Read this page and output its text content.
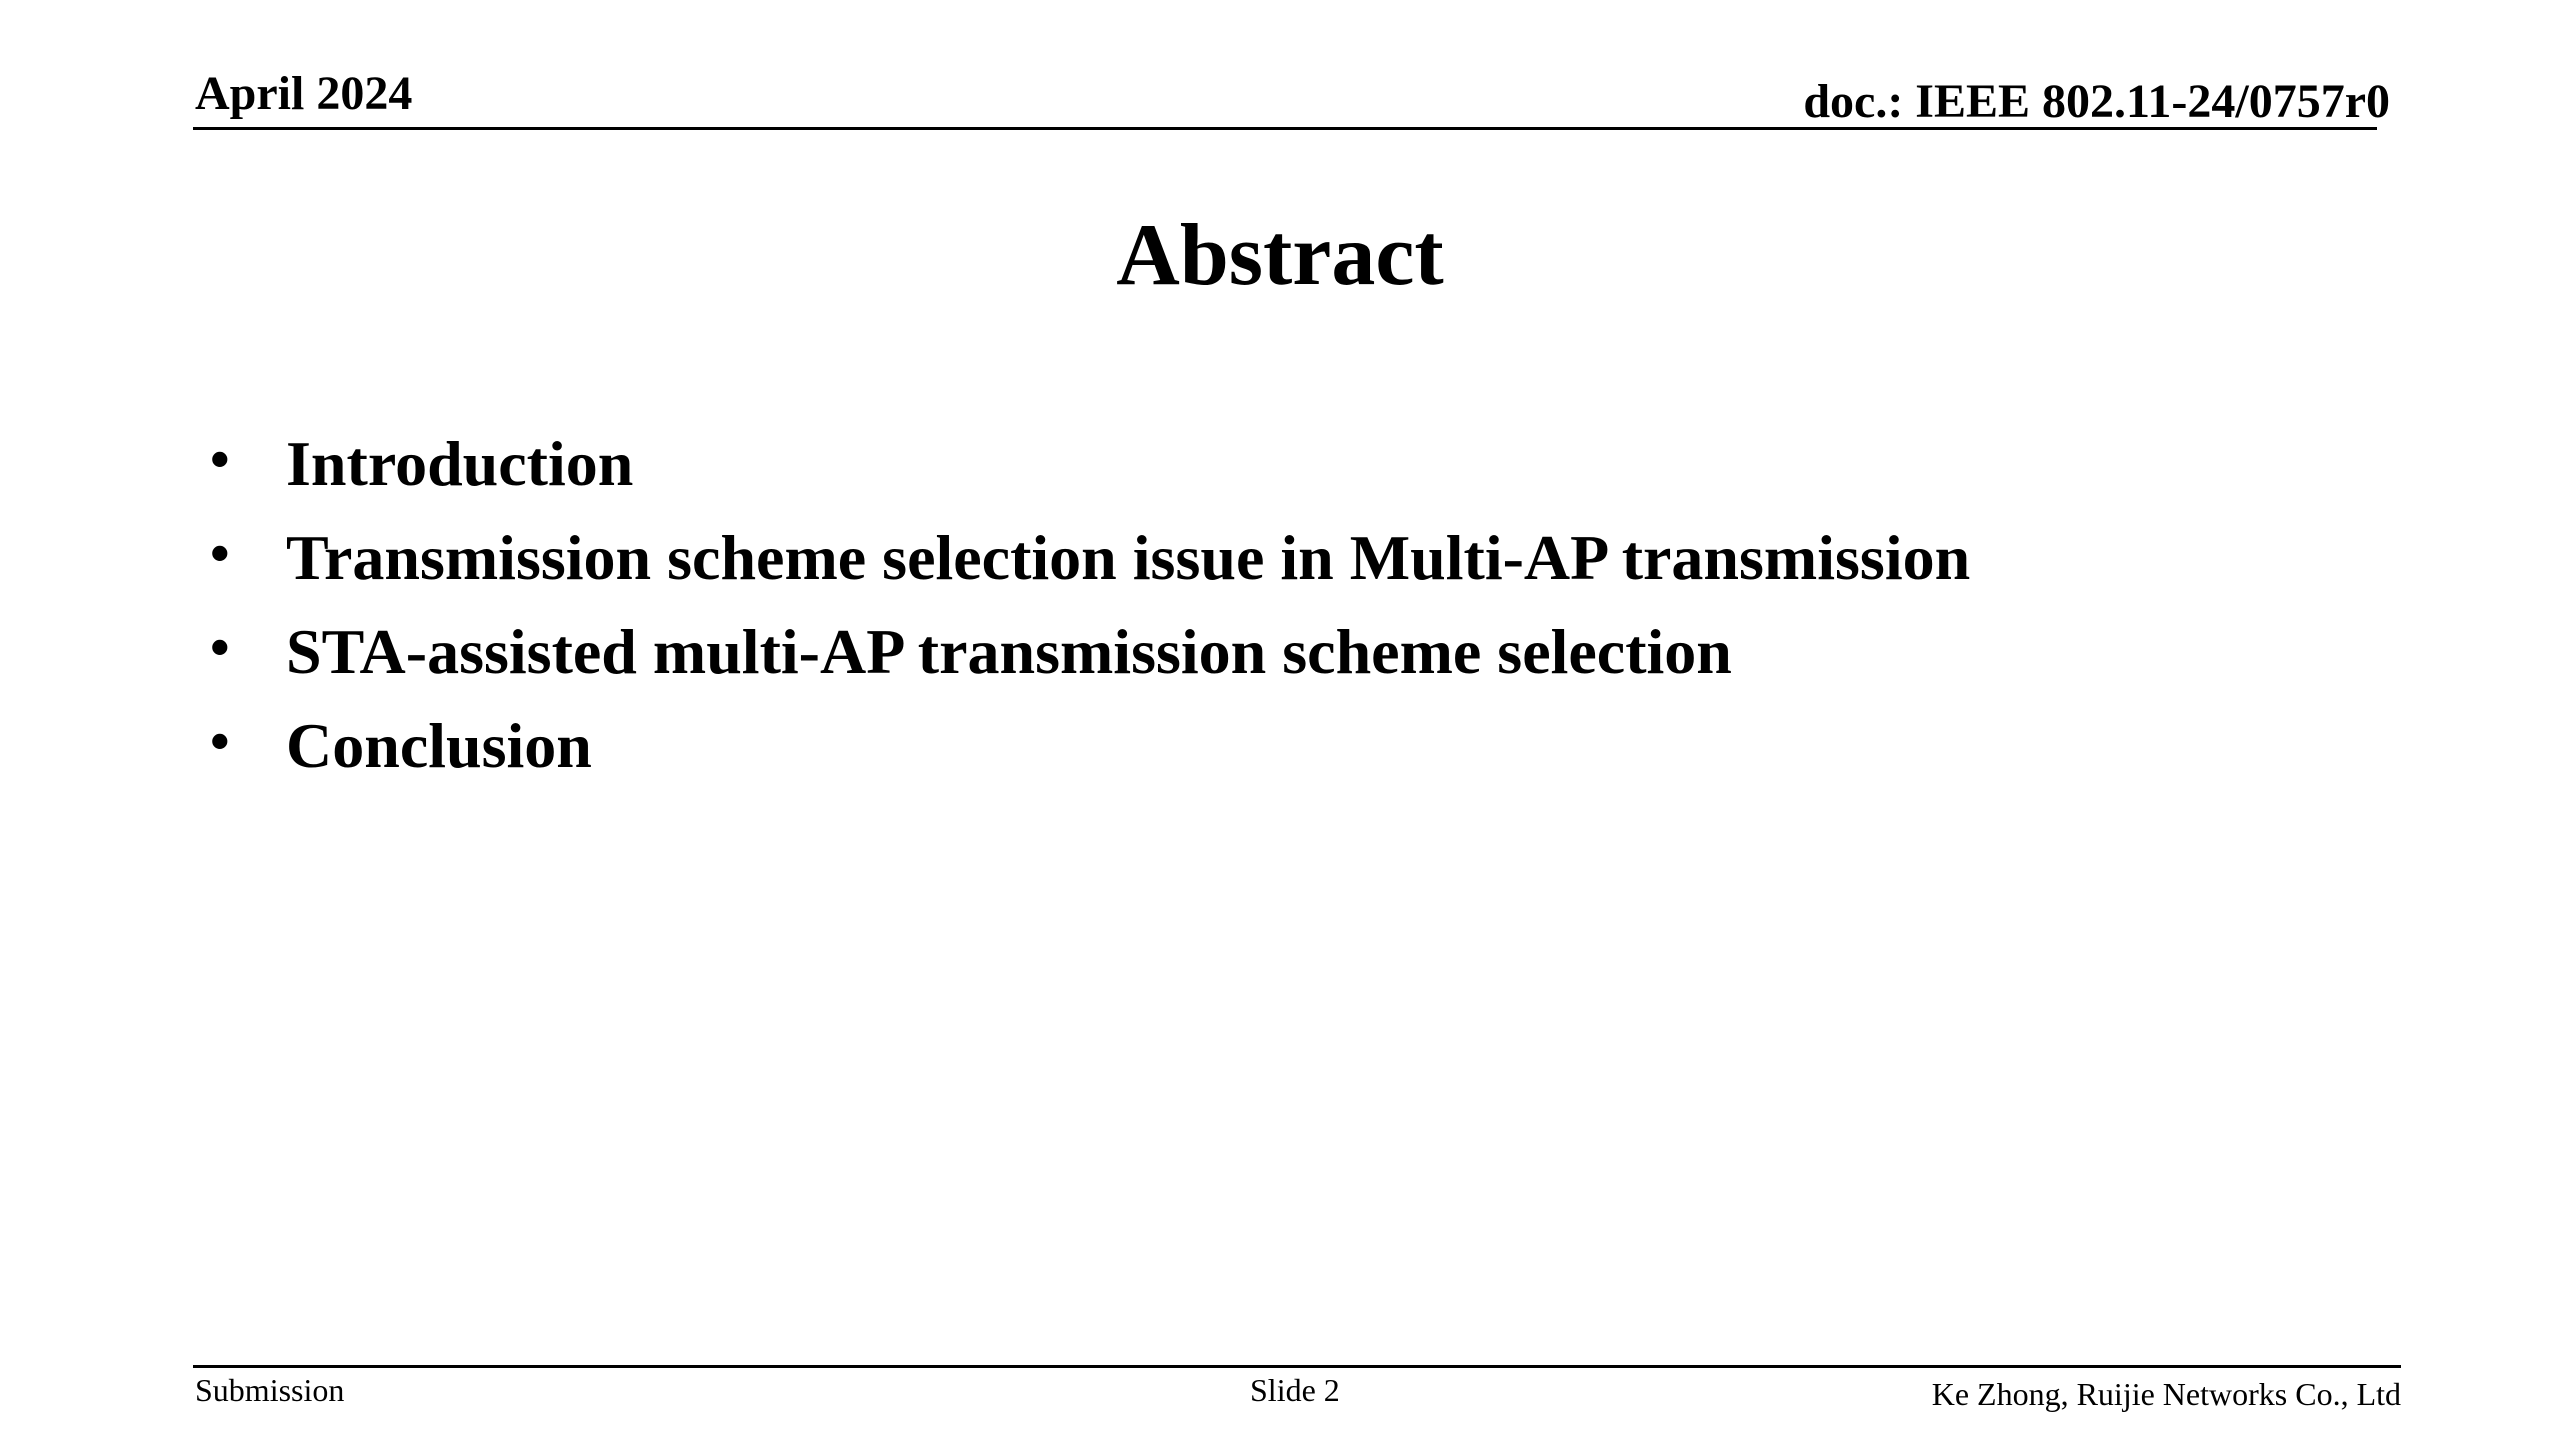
April 2024	doc.: IEEE 802.11-24/0757r0
Abstract
• Introduction
• Transmission scheme selection issue in Multi-AP transmission
• STA-assisted multi-AP transmission scheme selection
• Conclusion
Submission	Slide 2	Ke Zhong, Ruijie Networks Co., Ltd
